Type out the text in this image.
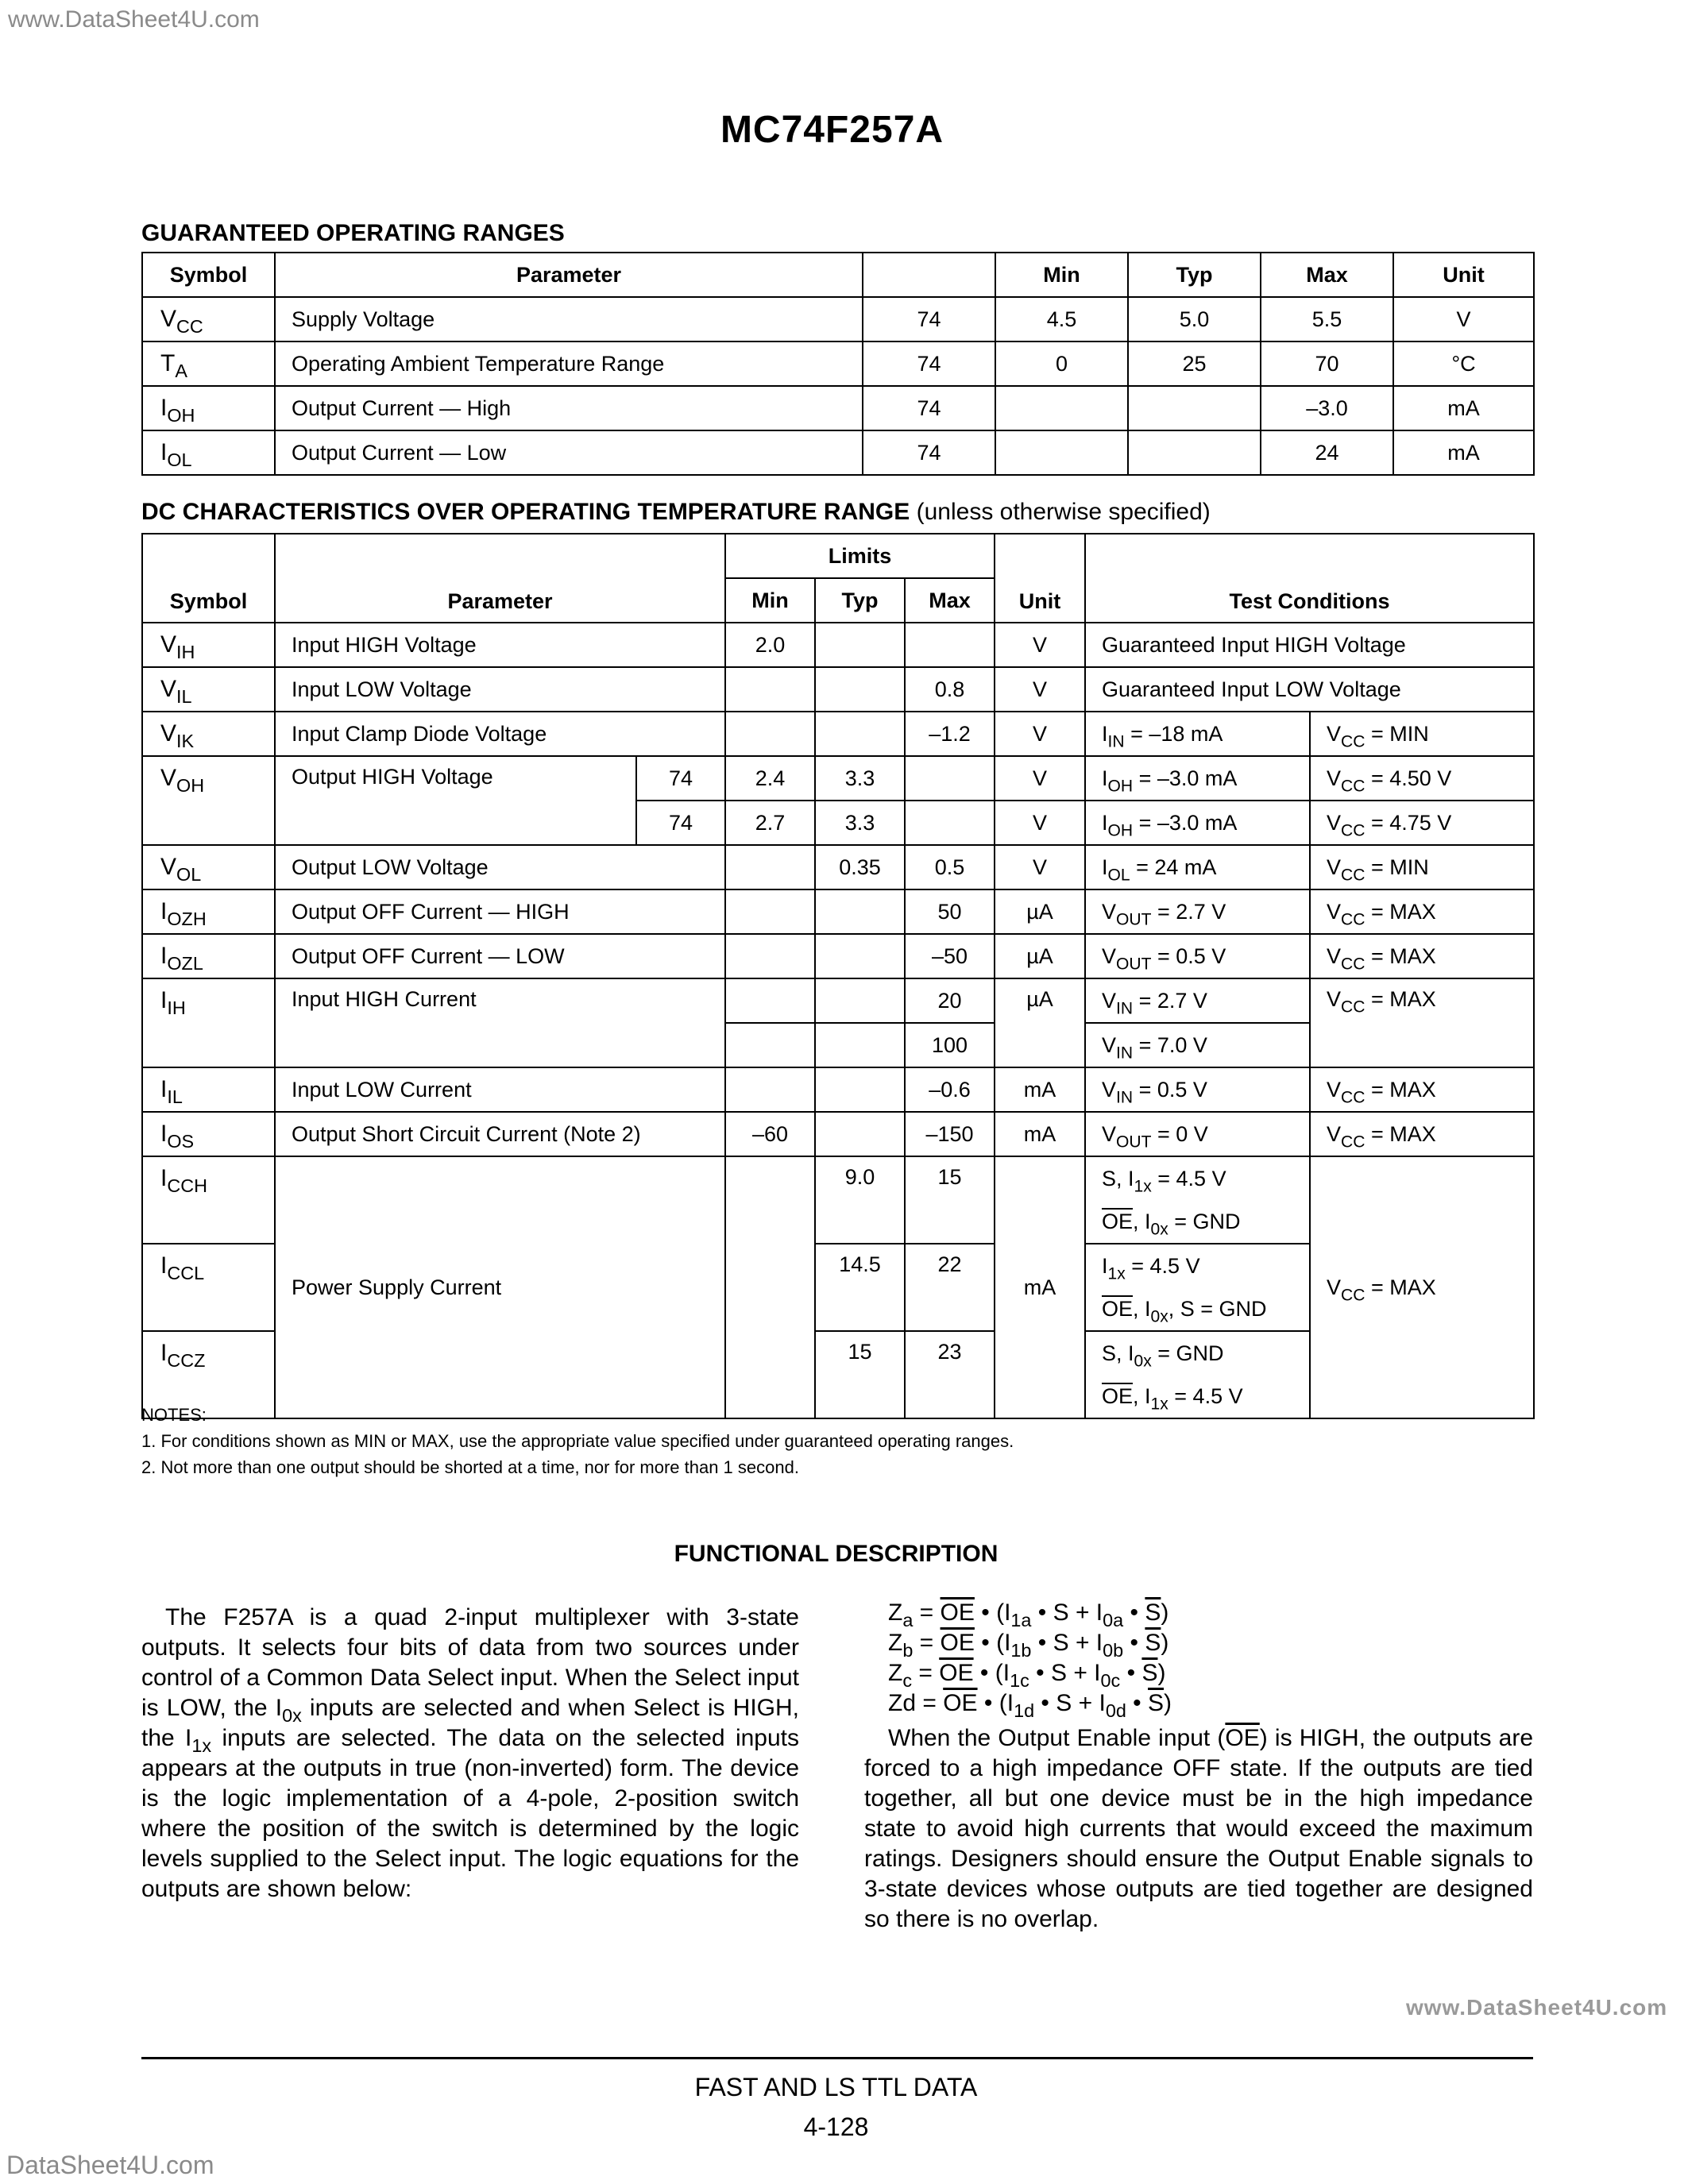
www.DataSheet4U.com
MC74F257A
GUARANTEED OPERATING RANGES
Symbol	Parameter		Min	Typ	Max	Unit
$V_{CC}$	Supply Voltage	74	4.5	5.0	5.5	V
$T_A$	Operating Ambient Temperature Range	74	0	25	70	°C
$I_{OH}$	Output Current — High	74			–3.0	mA
$I_{OL}$	Output Current — Low	74			24	mA
DC CHARACTERISTICS OVER OPERATING TEMPERATURE RANGE (unless otherwise specified)
Symbol	Parameter		Limits			Unit	Test Conditions	
			Min	Typ	Max			
$V_{IH}$	Input HIGH Voltage		2.0			V	Guaranteed Input HIGH Voltage	
$V_{IL}$	Input LOW Voltage				0.8	V	Guaranteed Input LOW Voltage	
$V_{IK}$	Input Clamp Diode Voltage				–1.2	V	$I_{IN} = -18$ mA	$V_{CC}$ = MIN
$V_{OH}$	Output HIGH Voltage	74	2.4	3.3		V	$I_{OH} = -3.0$ mA	$V_{CC} = 4.50$ V
		74	2.7	3.3		V	$I_{OH} = -3.0$ mA	$V_{CC} = 4.75$ V
$V_{OL}$	Output LOW Voltage			0.35	0.5	V	$I_{OL} = 24$ mA	$V_{CC}$ = MIN
$I_{OZH}$	Output OFF Current — HIGH				50	µA	$V_{OUT} = 2.7$ V	$V_{CC}$ = MAX
$I_{OZL}$	Output OFF Current — LOW				–50	µA	$V_{OUT} = 0.5$ V	$V_{CC}$ = MAX
$I_{IH}$	Input HIGH Current				20	µA	$V_{IN} = 2.7$ V	$V_{CC}$ = MAX
					100		$V_{IN} = 7.0$ V	
$I_{IL}$	Input LOW Current				–0.6	mA	$V_{IN} = 0.5$ V	$V_{CC}$ = MAX
$I_{OS}$	Output Short Circuit Current (Note 2)		–60		–150	mA	$V_{OUT} = 0$ V	$V_{CC}$ = MAX
$I_{CCH}$	Power Supply Current			9.0	15	mA	S, $I_{1x} = 4.5$ V	$V_{CC}$ = MAX
							$\overline{OE}$, $I_{0x}$ = GND	
$I_{CCL}$				14.5	22		$I_{1x} = 4.5$ V	
							$\overline{OE}$, $I_{0x}$, S = GND	
$I_{CCZ}$				15	23		S, $I_{0x}$ = GND	
							$\overline{OE}$, $I_{1x} = 4.5$ V	
NOTES:
1. For conditions shown as MIN or MAX, use the appropriate value specified under guaranteed operating ranges.
2. Not more than one output should be shorted at a time, nor for more than 1 second.
FUNCTIONAL DESCRIPTION
The F257A is a quad 2-input multiplexer with 3-state outputs. It selects four bits of data from two sources under control of a Common Data Select input. When the Select input is LOW, the $I_{0x}$ inputs are selected and when Select is HIGH, the $I_{1x}$ inputs are selected. The data on the selected inputs appears at the outputs in true (non-inverted) form. The device is the logic implementation of a 4-pole, 2-position switch where the position of the switch is determined by the logic levels supplied to the Select input. The logic equations for the outputs are shown below:
$Z_a = \overline{OE}$ • ($I_{1a}$ • $S + I_{0a}$ • $\overline{S}$)
$Z_b = \overline{OE}$ • ($I_{1b}$ • $S + I_{0b}$ • $\overline{S}$)
$Z_c = \overline{OE}$ • ($I_{1c}$ • $S + I_{0c}$ • $\overline{S}$)
$Zd = \overline{OE}$ • ($I_{1d}$ • $S + I_{0d}$ • $\overline{S}$)
When the Output Enable input $(\overline{OE})$ is HIGH, the outputs are forced to a high impedance OFF state. If the outputs are tied together, all but one device must be in the high impedance state to avoid high currents that would exceed the maximum ratings. Designers should ensure the Output Enable signals to 3-state devices whose outputs are tied together are designed so there is no overlap.
www.DataSheet4U.com
FAST AND LS TTL DATA
4-128
DataSheet4U.com
